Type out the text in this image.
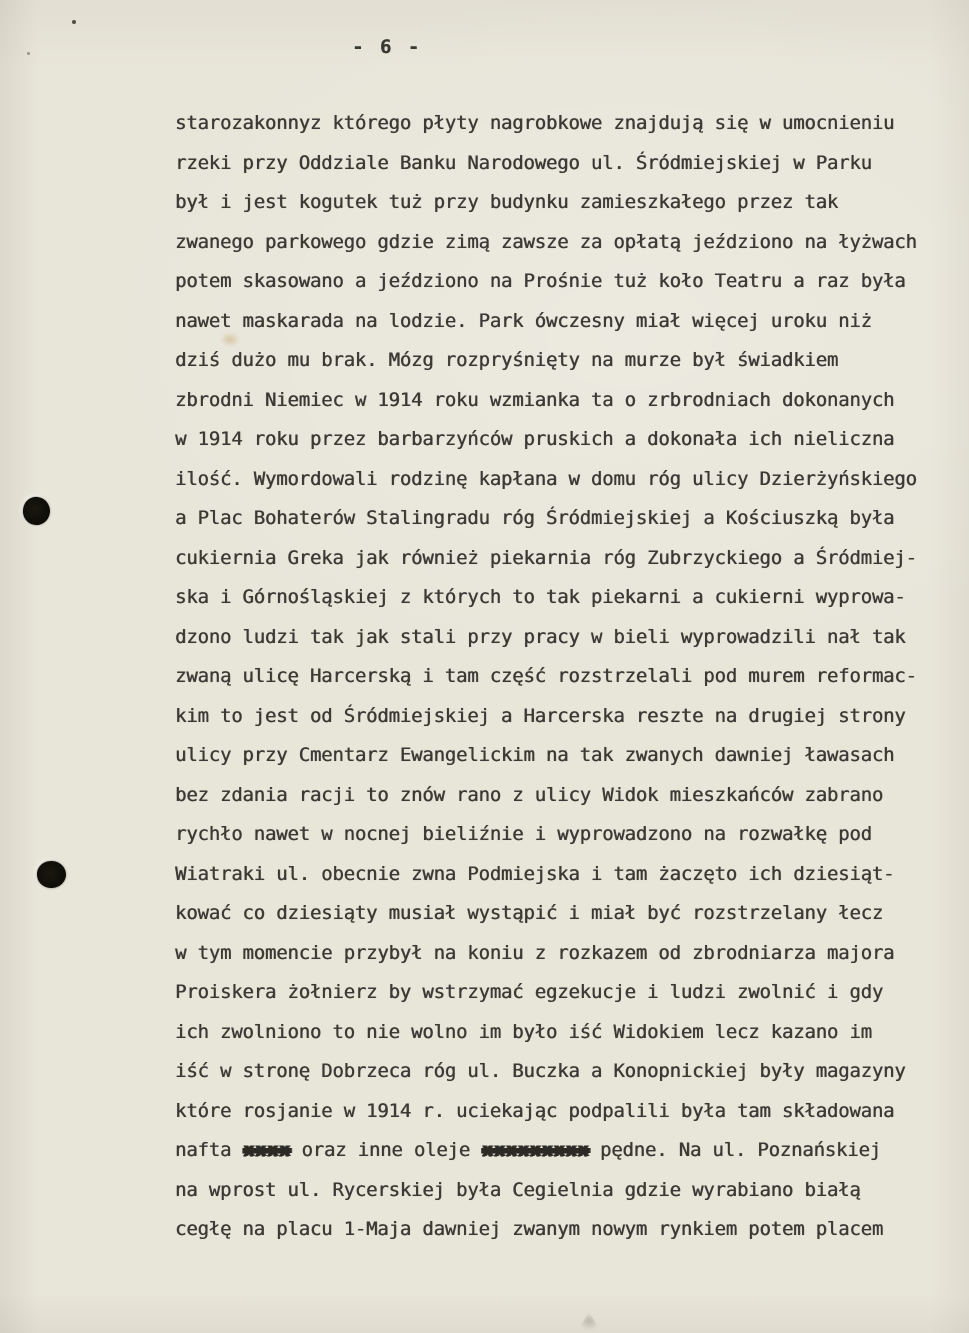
- 6 -

starozakonnyz którego płyty nagrobkowe znajdują się w umocnieniu

rzeki przy Oddziale Banku Narodowego ul. Śródmiejskiej w Parku

był i jest kogutek tuż przy budynku zamieszkałego przez tak

zwanego parkowego gdzie zimą zawsze za opłatą jeździono na łyżwach

potem skasowano a jeździono na Prośnie tuż koło Teatru a raz była

nawet maskarada na lodzie. Park ówczesny miał więcej uroku niż

dziś dużo mu brak. Mózg rozpryśnięty na murze był świadkiem

zbrodni Niemiec w 1914 roku wzmianka ta o zrbrodniach dokonanych

w 1914 roku przez barbarzyńców pruskich a dokonała ich nieliczna

ilość. Wymordowali rodzinę kapłana w domu róg ulicy Dzierżyńskiego

a Plac Bohaterów Stalingradu róg Śródmiejskiej a Kościuszką była

cukiernia Greka jak również piekarnia róg Zubrzyckiego a Śródmiej-

ska i Górnośląskiej z których to tak piekarni a cukierni wyprowa-

dzono ludzi tak jak stali przy pracy w bieli wyprowadzili nał tak

zwaną ulicę Harcerską i tam część rozstrzelali pod murem reformac-

kim to jest od Śródmiejskiej a Harcerska reszte na drugiej strony

ulicy przy Cmentarz Ewangelickim na tak zwanych dawniej ławasach

bez zdania racji to znów rano z ulicy Widok mieszkańców zabrano

rychło nawet w nocnej bieliźnie i wyprowadzono na rozwałkę pod

Wiatraki ul. obecnie zwna Podmiejska i tam żaczęto ich dziesiąt-

kować co dziesiąty musiał wystąpić i miał być rozstrzelany łecz

w tym momencie przybył na koniu z rozkazem od zbrodniarza majora

Proiskera żołnierz by wstrzymać egzekucje i ludzi zwolnić i gdy

ich zwolniono to nie wolno im było iść Widokiem lecz kazano im

iść w stronę Dobrzeca róg ul. Buczka a Konopnickiej były magazyny

które rosjanie w 1914 r. uciekając podpalili była tam składowana

nafta xxxx oraz inne oleje xxxxxxxxx pędne. Na ul. Poznańskiej

na wprost ul. Rycerskiej była Cegielnia gdzie wyrabiano białą

cegłę na placu 1-Maja dawniej zwanym nowym rynkiem potem placem
